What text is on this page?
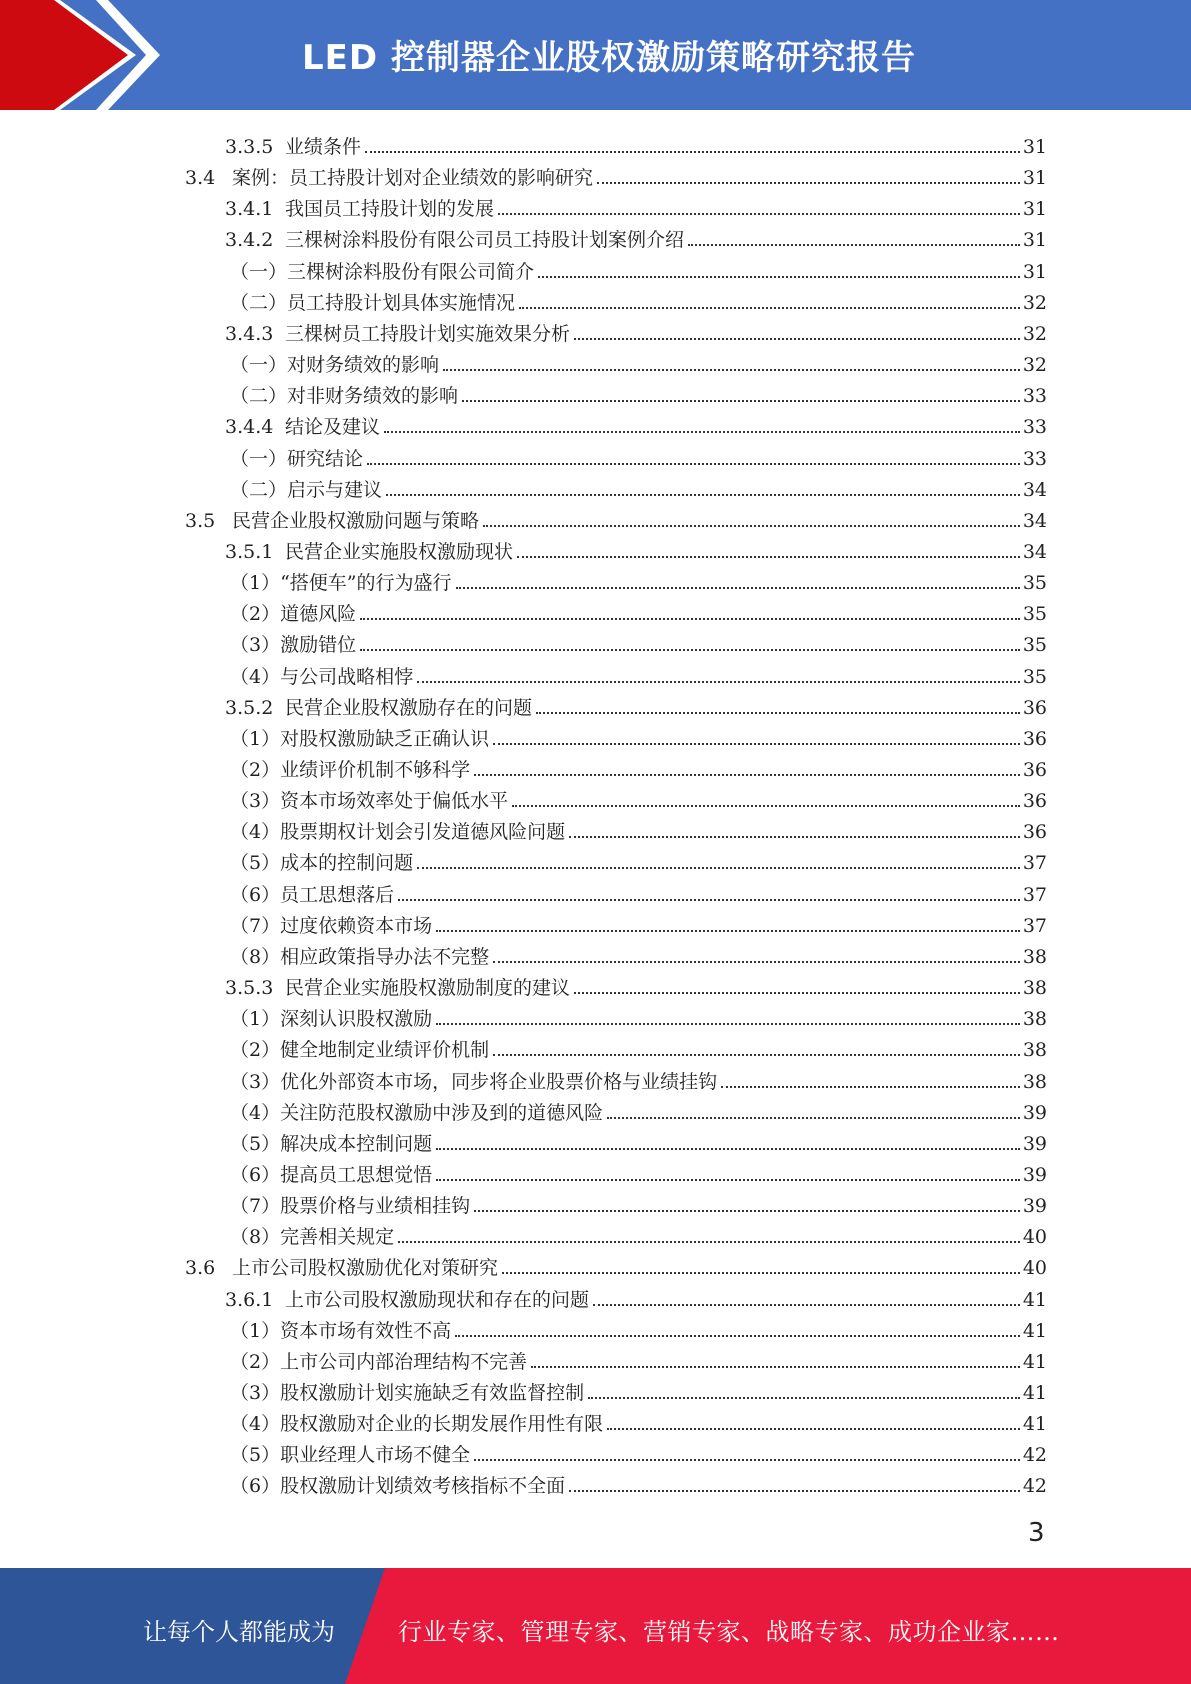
LED 控制器企业股权激励策略研究报告
3.3.5 业绩条件	31
3.4 案例：员工持股计划对企业绩效的影响研究	31
3.4.1 我国员工持股计划的发展	31
3.4.2 三棵树涂料股份有限公司员工持股计划案例介绍	31
（一） 三棵树涂料股份有限公司简介	31
（二） 员工持股计划具体实施情况	32
3.4.3 三棵树员工持股计划实施效果分析	32
（一） 对财务绩效的影响	32
（二） 对非财务绩效的影响	33
3.4.4 结论及建议	33
（一） 研究结论	33
（二） 启示与建议	34
3.5 民营企业股权激励问题与策略	34
3.5.1 民营企业实施股权激励现状	34
（1） “搭便车”的行为盛行	35
（2） 道德风险	35
（3） 激励错位	35
（4） 与公司战略相悖	35
3.5.2 民营企业股权激励存在的问题	36
（1） 对股权激励缺乏正确认识	36
（2） 业绩评价机制不够科学	36
（3） 资本市场效率处于偏低水平	36
（4） 股票期权计划会引发道德风险问题	36
（5） 成本的控制问题	37
（6） 员工思想落后	37
（7） 过度依赖资本市场	37
（8） 相应政策指导办法不完整	38
3.5.3 民营企业实施股权激励制度的建议	38
（1） 深刻认识股权激励	38
（2） 健全地制定业绩评价机制	38
（3） 优化外部资本市场，同步将企业股票价格与业绩挂钩	38
（4） 关注防范股权激励中涉及到的道德风险	39
（5） 解决成本控制问题	39
（6） 提高员工思想觉悟	39
（7） 股票价格与业绩相挂钩	39
（8） 完善相关规定	40
3.6 上市公司股权激励优化对策研究	40
3.6.1 上市公司股权激励现状和存在的问题	41
（1） 资本市场有效性不高	41
（2） 上市公司内部治理结构不完善	41
（3） 股权激励计划实施缺乏有效监督控制	41
（4） 股权激励对企业的长期发展作用性有限	41
（5） 职业经理人市场不健全	42
（6） 股权激励计划绩效考核指标不全面	42
3
让每个人都能成为	行业专家、管理专家、营销专家、战略专家、成功企业家……
